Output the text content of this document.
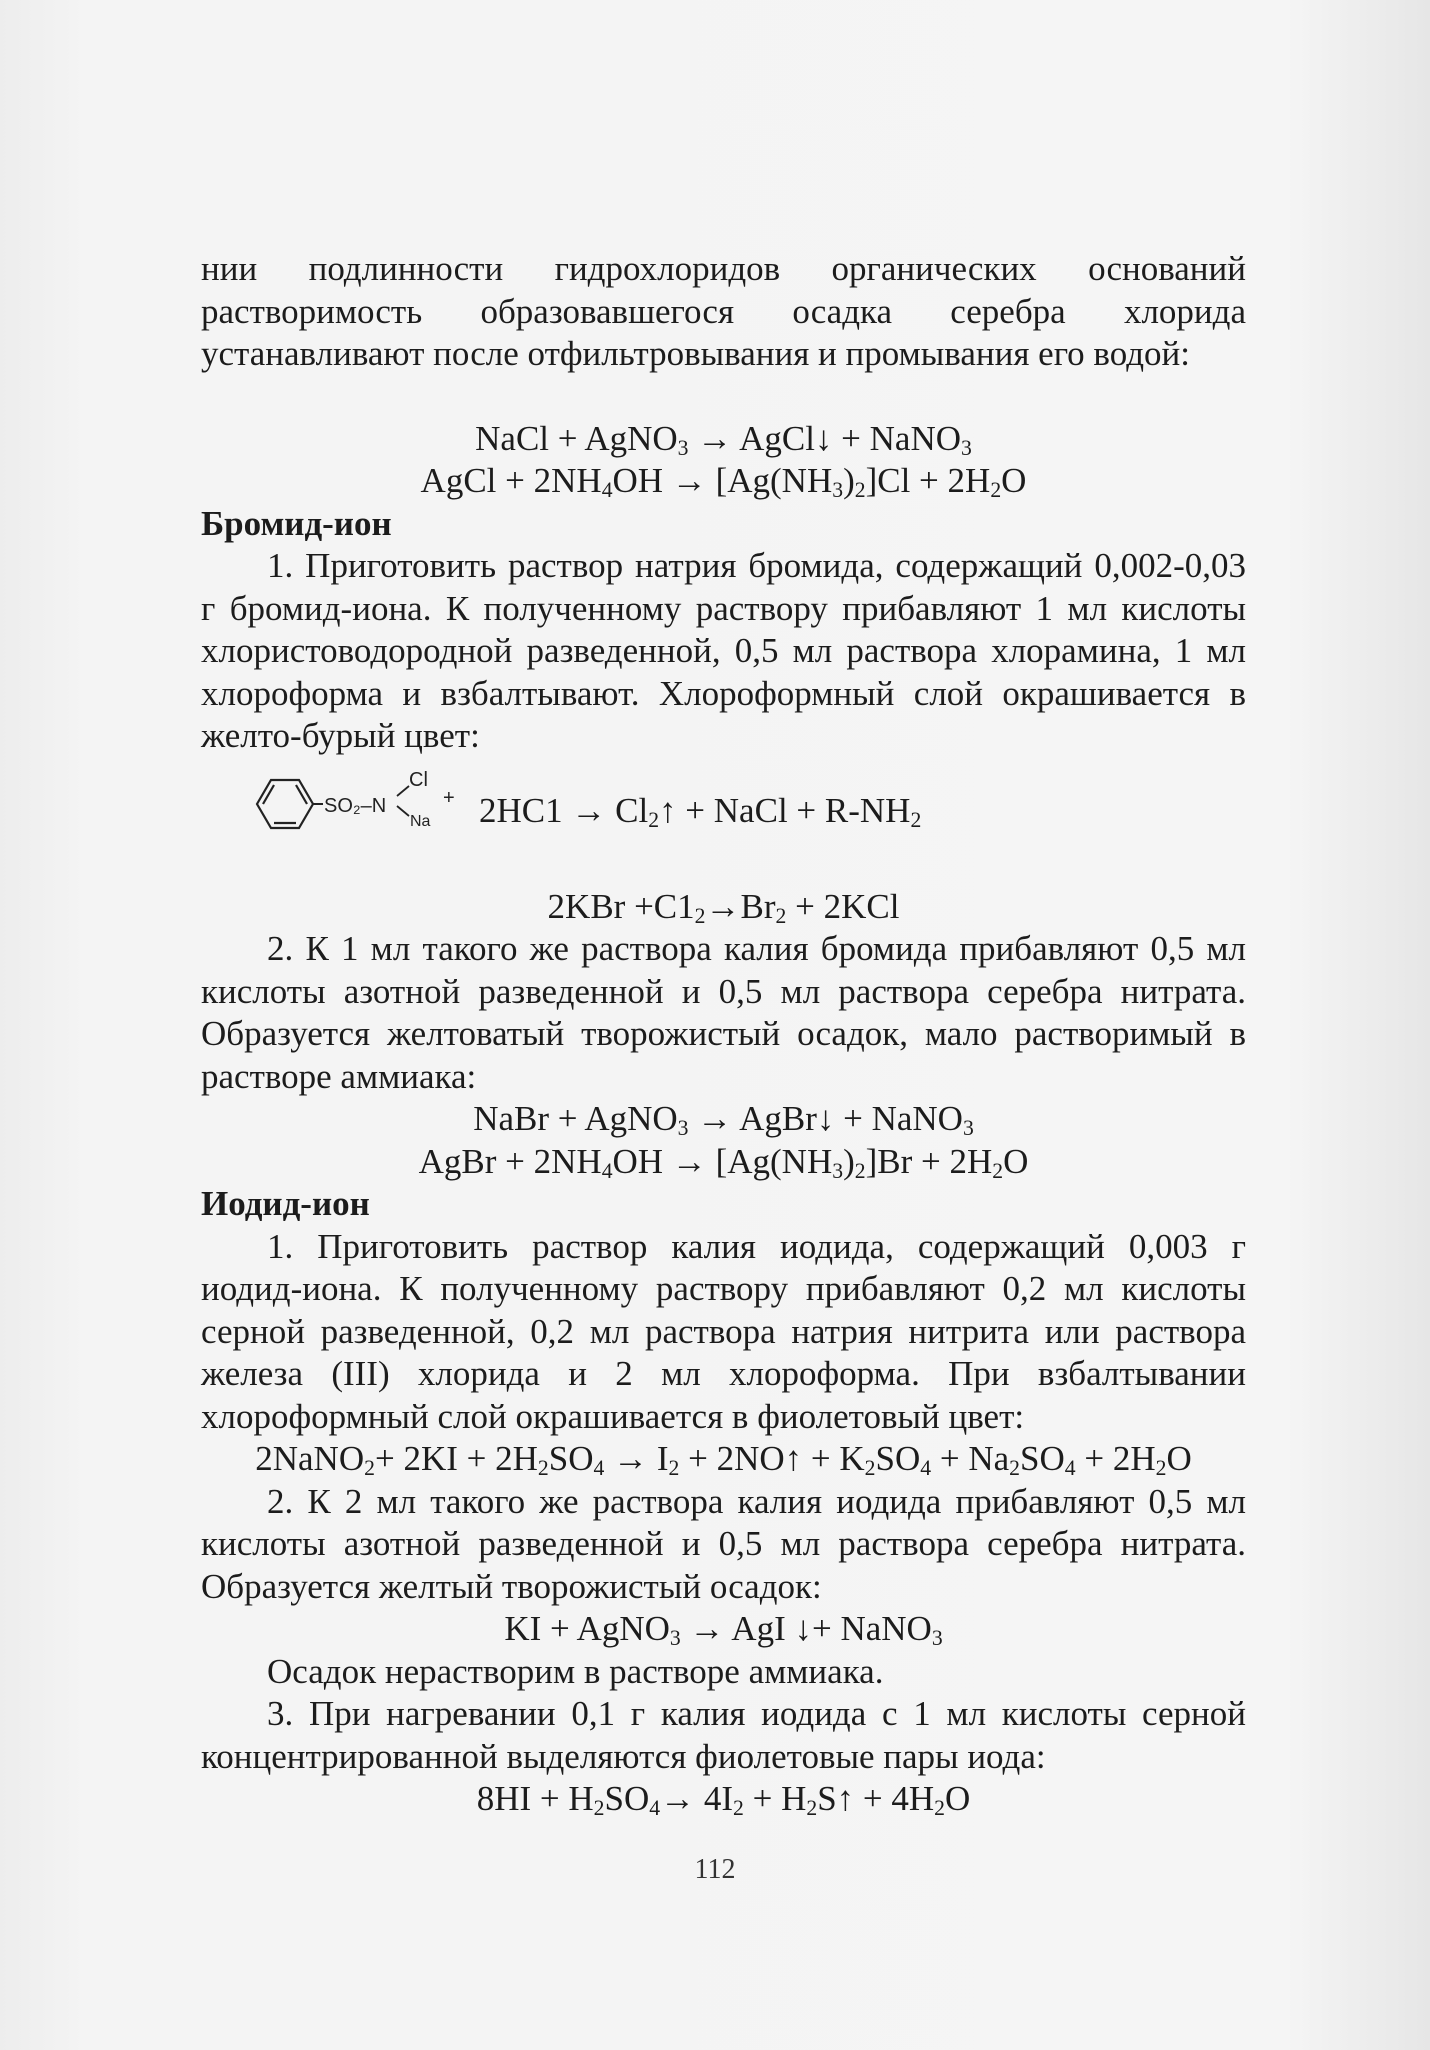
нии подлинности гидрохлоридов органических оснований растворимость образовавшегося осадка серебра хлорида устанавливают после отфильтровывания и промывания его водой:

NaCl + AgNO$_3$ → AgCl↓ + NaNO$_3$
AgCl + $2NH_4OH \to [Ag(NH_3)_2]Cl + 2H_2O$
Бромид-ион

1. Приготовить раствор натрия бромида, содержащий 0,002-0,03 г бромид-иона. К полученному раствору прибавляют 1 мл кислоты хлористоводородной разведенной, 0,5 мл раствора хлорамина, 1 мл хлороформа и взбалтывают. Хлороформный слой окрашивается в желто-бурый цвет:

SO₂–N
Cl
Na
+ $2HC1 \to Cl_2↑$ + NaCl + $R-NH_2$
$2KBr +C1_2\to Br_2 + 2KCl$

2. К 1 мл такого же раствора калия бромида прибавляют 0,5 мл кислоты азотной разведенной и 0,5 мл раствора серебра нитрата. Образуется желтоватый творожистый осадок, мало растворимый в растворе аммиака:

NaBr + AgNO$_3$ → AgBr↓ + NaNO$_3$
AgBr + $2NH_4OH \to [Ag(NH_3)_2]Br + 2H_2O$
Иодид-ион

1. Приготовить раствор калия иодида, содержащий 0,003 г иодид-иона. К полученному раствору прибавляют 0,2 мл кислоты серной разведенной, 0,2 мл раствора натрия нитрита или раствора железа (III) хлорида и 2 мл хлороформа. При взбалтывании хлороформный слой окрашивается в фиолетовый цвет:

2NaNO$_2$+ $2KI + 2H_2SO_4 \to I_2$ + 2NO↑ + $K_2SO_4 + Na_2SO_4 + 2H_2O$

2. К 2 мл такого же раствора калия иодида прибавляют 0,5 мл кислоты азотной разведенной и 0,5 мл раствора серебра нитрата. Образуется желтый творожистый осадок:

KI + AgNO$_3$ → AgI ↓+ NaNO$_3$

Осадок нерастворим в растворе аммиака.

3. При нагревании 0,1 г калия иодида с 1 мл кислоты серной концентрированной выделяются фиолетовые пары иода:

$8HI + H_2SO_4\to 4I_2$ + $H_2S↑ + 4H_2O$
112
